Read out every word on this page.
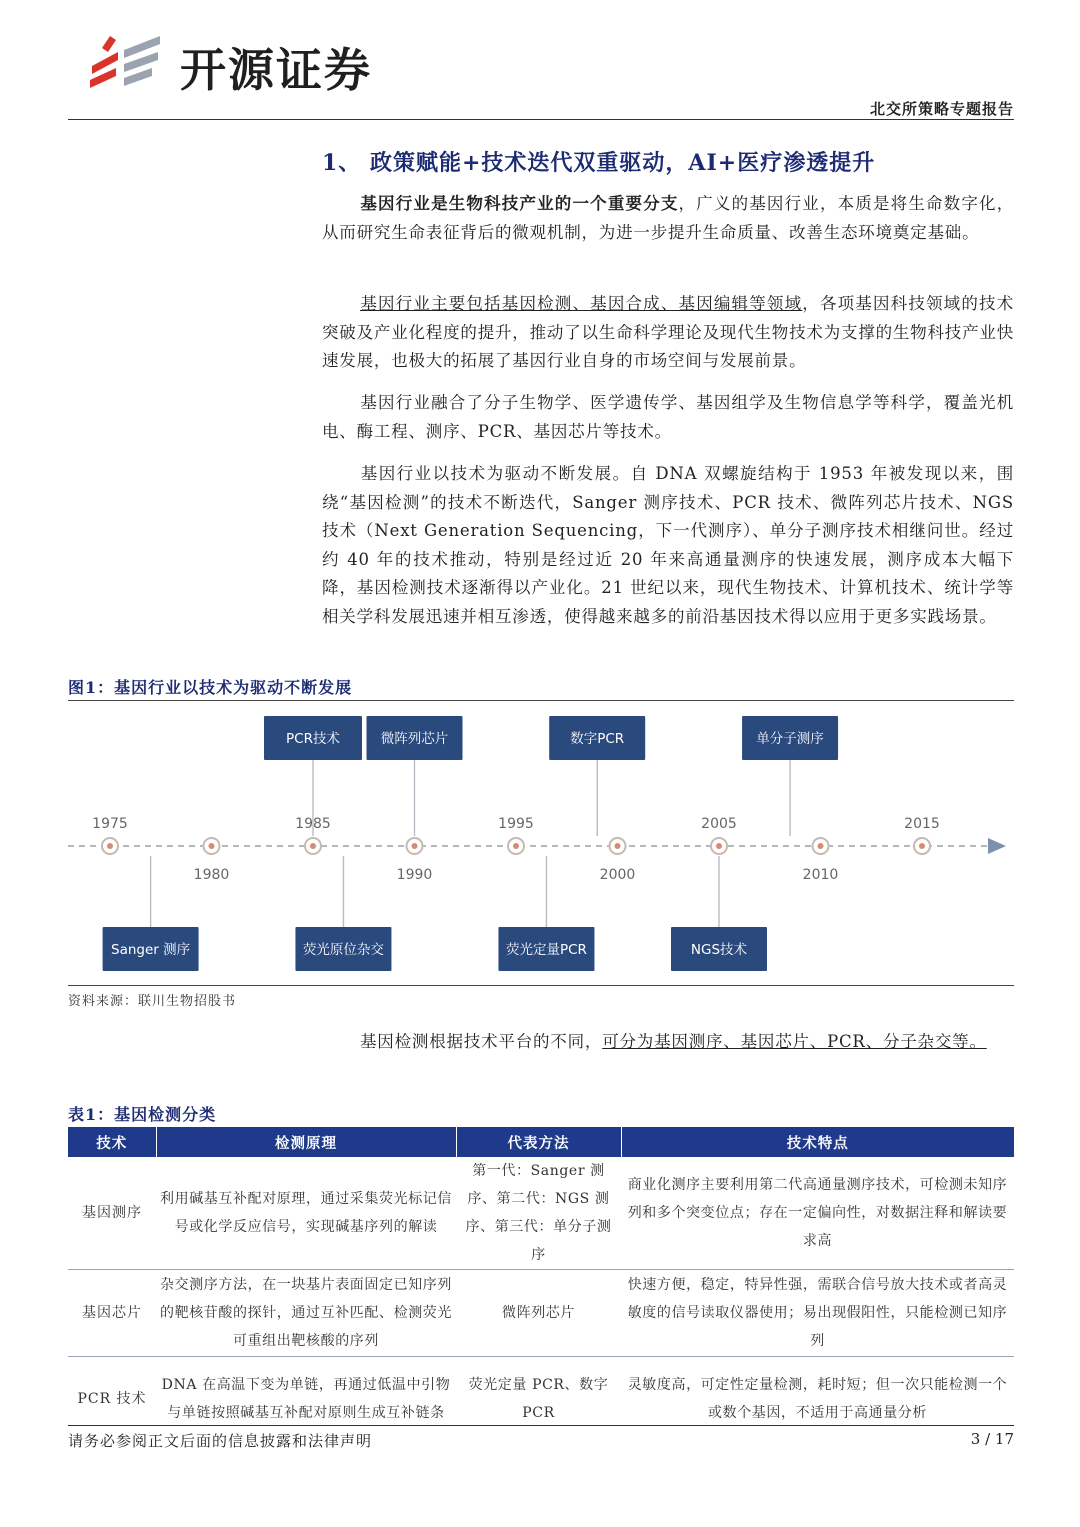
开源证券
北交所策略专题报告
1、 政策赋能+技术迭代双重驱动，AI+医疗渗透提升
基因行业是生物科技产业的一个重要分支，广义的基因行业，本质是将生命数字化，从而研究生命表征背后的微观机制，为进一步提升生命质量、改善生态环境奠定基础。
基因行业主要包括基因检测、基因合成、基因编辑等领域，各项基因科技领域的技术突破及产业化程度的提升，推动了以生命科学理论及现代生物技术为支撑的生物科技产业快速发展，也极大的拓展了基因行业自身的市场空间与发展前景。
基因行业融合了分子生物学、医学遗传学、基因组学及生物信息学等科学，覆盖光机电、酶工程、测序、PCR、基因芯片等技术。
基因行业以技术为驱动不断发展。自 DNA 双螺旋结构于 1953 年被发现以来，围绕“基因检测”的技术不断迭代，Sanger 测序技术、PCR 技术、微阵列芯片技术、NGS 技术（Next Generation Sequencing，下一代测序）、单分子测序技术相继问世。经过约 40 年的技术推动，特别是经过近 20 年来高通量测序的快速发展，测序成本大幅下降，基因检测技术逐渐得以产业化。21 世纪以来，现代生物技术、计算机技术、统计学等相关学科发展迅速并相互渗透，使得越来越多的前沿基因技术得以应用于更多实践场景。
图1：基因行业以技术为驱动不断发展
1975
1980
1985
1990
1995
2000
2005
2010
2015
PCR技术	微阵列芯片	数字PCR	单分子测序
Sanger 测序	荧光原位杂交	荧光定量PCR	NGS技术
资料来源：联川生物招股书
基因检测根据技术平台的不同，可分为基因测序、基因芯片、PCR、分子杂交等。
表1：基因检测分类
技术	检测原理	代表方法	技术特点
基因测序	利用碱基互补配对原理，通过采集荧光标记信号或化学反应信号，实现碱基序列的解读	第一代：Sanger 测序、第二代：NGS 测序、第三代：单分子测序	商业化测序主要利用第二代高通量测序技术，可检测未知序列和多个突变位点；存在一定偏向性，对数据注释和解读要求高
基因芯片	杂交测序方法，在一块基片表面固定已知序列的靶核苷酸的探针，通过互补匹配、检测荧光可重组出靶核酸的序列	微阵列芯片	快速方便，稳定，特异性强，需联合信号放大技术或者高灵敏度的信号读取仪器使用；易出现假阳性，只能检测已知序列
PCR 技术	DNA 在高温下变为单链，再通过低温中引物与单链按照碱基互补配对原则生成互补链条	荧光定量 PCR、数字 PCR	灵敏度高，可定性定量检测，耗时短；但一次只能检测一个或数个基因，不适用于高通量分析
请务必参阅正文后面的信息披露和法律声明	3 / 17
